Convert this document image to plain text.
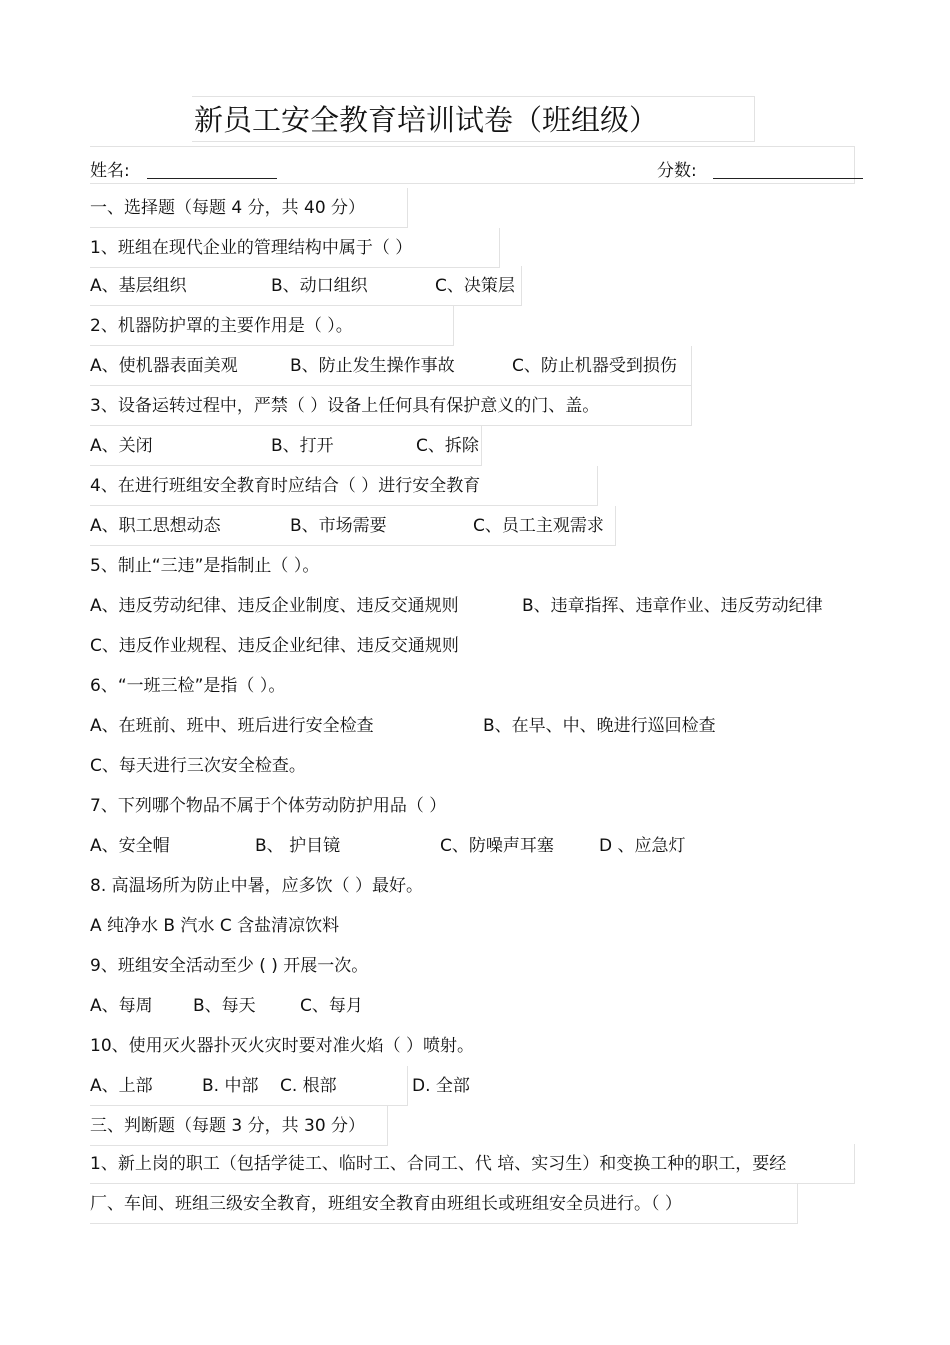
新员工安全教育培训试卷（班组级）
姓名:	分数:
一、选择题（每题 4 分，共 40 分）
1、班组在现代企业的管理结构中属于（ ）
A、基层组织	B、动口组织	C、决策层
2、机器防护罩的主要作用是（ ）。
A、使机器表面美观	B、防止发生操作事故	C、防止机器受到损伤
3、设备运转过程中，严禁（ ）设备上任何具有保护意义的门、盖。
A、关闭	B、打开	C、拆除
4、在进行班组安全教育时应结合（ ）进行安全教育
A、职工思想动态	B、市场需要	C、员工主观需求
5、制止“三违”是指制止（ ）。
A、违反劳动纪律、违反企业制度、违反交通规则	B、违章指挥、违章作业、违反劳动纪律
C、违反作业规程、违反企业纪律、违反交通规则
6、“一班三检”是指（ ）。
A、在班前、班中、班后进行安全检查	B、在早、中、晚进行巡回检查
C、每天进行三次安全检查。
7、下列哪个物品不属于个体劳动防护用品（ ）
A、安全帽	B、 护目镜	C、防噪声耳塞	D 、应急灯
8. 高温场所为防止中暑，应多饮（ ）最好。
A 纯净水 B 汽水 C 含盐清凉饮料
9、班组安全活动至少 ( ) 开展一次。
A、每周 B、每天	C、每月
10、使用灭火器扑灭火灾时要对准火焰（ ）喷射。
A、上部	B. 中部 C. 根部	D. 全部
三、判断题（每题 3 分，共 30 分）
1、新上岗的职工（包括学徒工、临时工、合同工、代 培、实习生）和变换工种的职工，要经
厂、车间、班组三级安全教育，班组安全教育由班组长或班组安全员进行。（ ）
